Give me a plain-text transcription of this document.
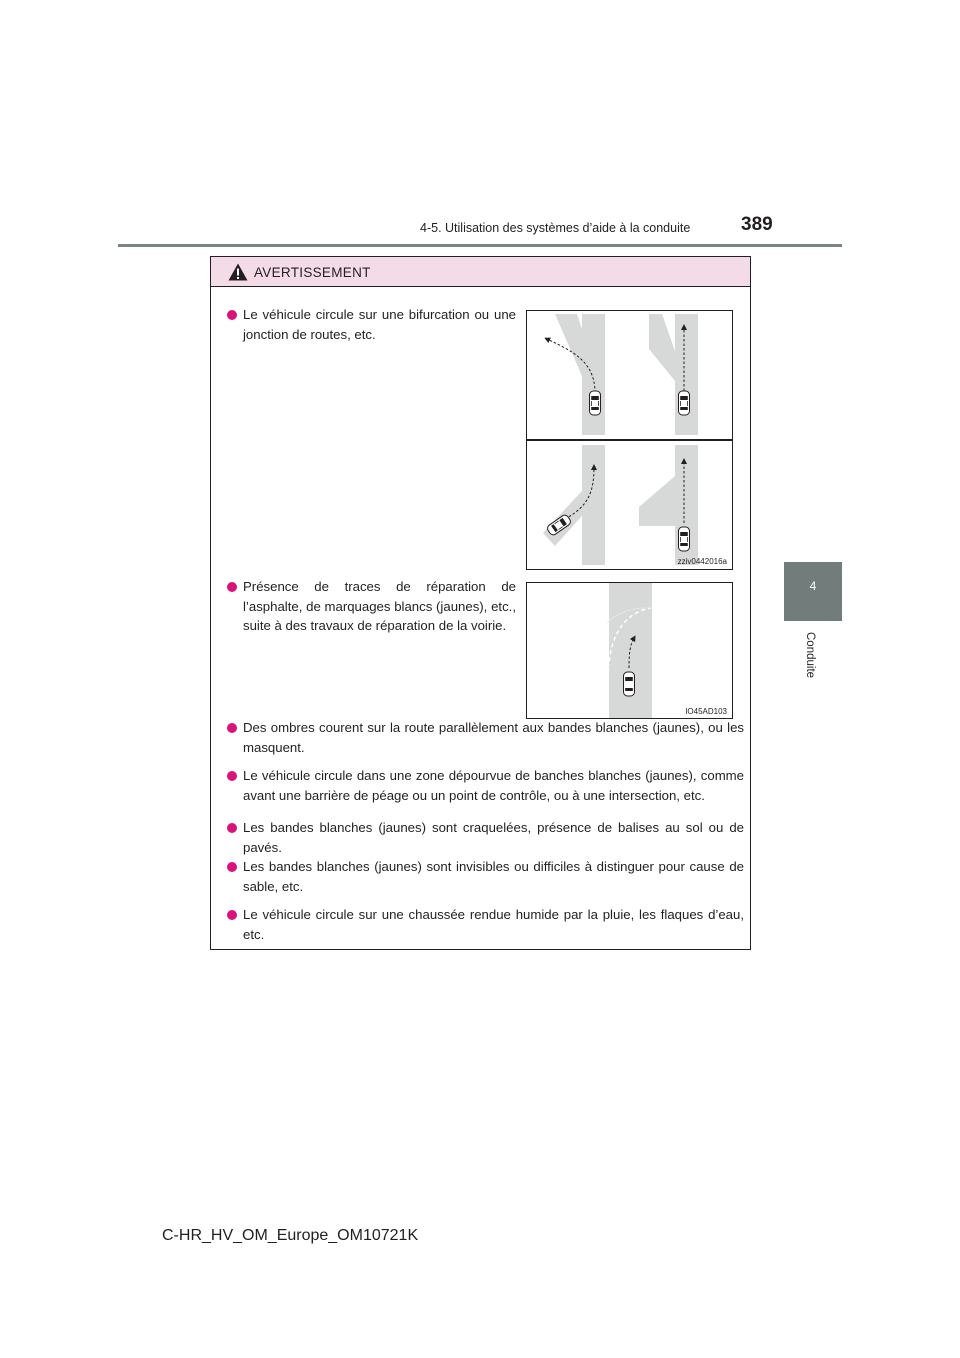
4-5. Utilisation des systèmes d’aide à la conduite	389
4
Conduite
AVERTISSEMENT
Le véhicule circule sur une bifurcation ou une jonction de routes, etc.
Présence de traces de réparation de l’asphalte, de marquages blancs (jaunes), etc., suite à des travaux de réparation de la voirie.
Des ombres courent sur la route parallèlement aux bandes blanches (jaunes), ou les masquent.
Le véhicule circule dans une zone dépourvue de banches blanches (jaunes), comme avant une barrière de péage ou un point de contrôle, ou à une intersection, etc.
Les bandes blanches (jaunes) sont craquelées, présence de balises au sol ou de pavés.
Les bandes blanches (jaunes) sont invisibles ou difficiles à distinguer pour cause de sable, etc.
Le véhicule circule sur une chaussée rendue humide par la pluie, les flaques d’eau, etc.
zziv0442016a
IO45AD103
C-HR_HV_OM_Europe_OM10721K
